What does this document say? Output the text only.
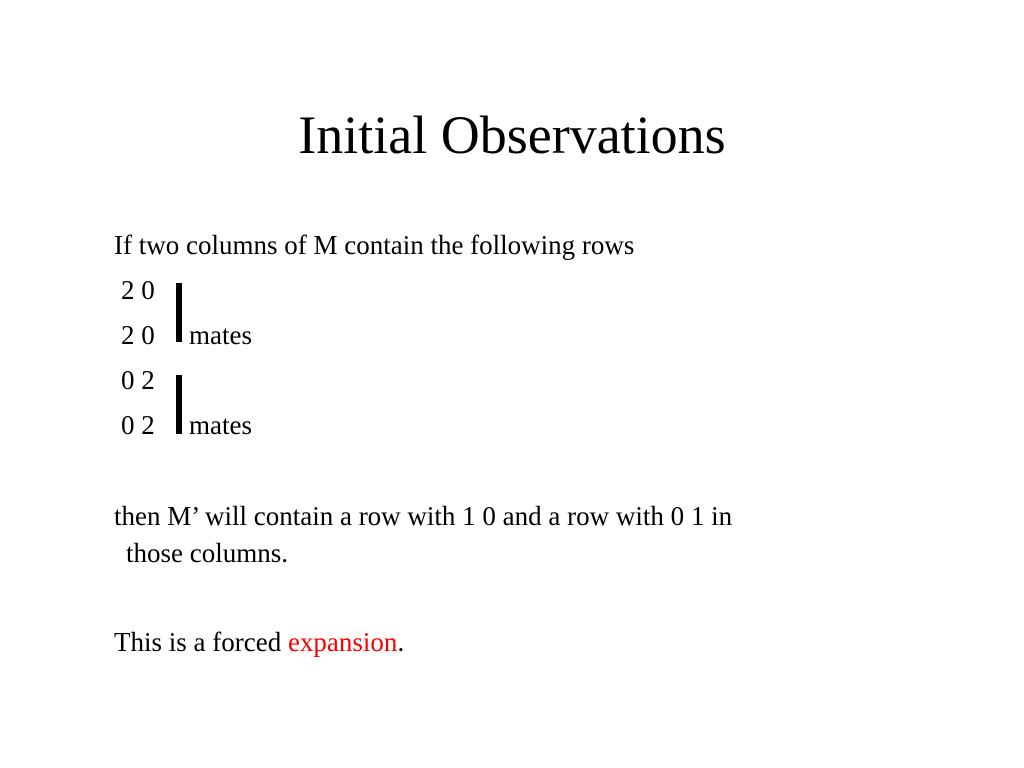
Initial Observations
If two columns of M contain the following rows
2 0
2 0 mates
0 2
0 2 mates
then M’ will contain a row with 1 0 and a row with 0 1 in
those columns.
This is a forced expansion.
